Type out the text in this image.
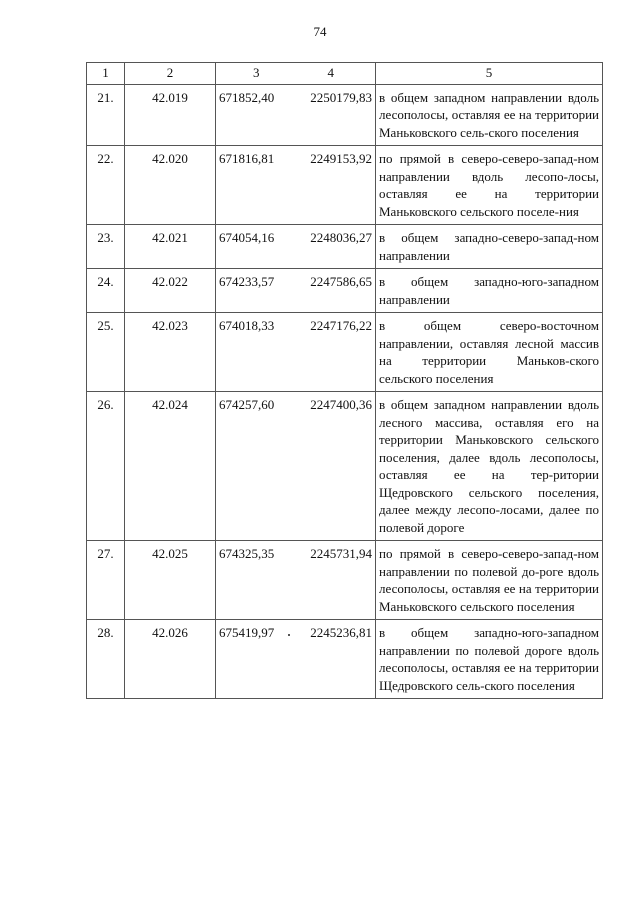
74
1	2	3 4	5
21.	42.019	671852,40 2250179,83	в общем западном направлении вдоль лесополосы, оставляя ее на территории Маньковского сель-ского поселения
22.	42.020	671816,81 2249153,92	по прямой в северо-северо-запад-ном направлении вдоль лесопо-лосы, оставляя ее на территории Маньковского сельского поселе-ния
23.	42.021	674054,16 2248036,27	в общем западно-северо-запад-ном направлении
24.	42.022	674233,57 2247586,65	в общем западно-юго-западном направлении
25.	42.023	674018,33 2247176,22	в общем северо-восточном направлении, оставляя лесной массив на территории Маньков-ского сельского поселения
26.	42.024	674257,60 2247400,36	в общем западном направлении вдоль лесного массива, оставляя его на территории Маньковского сельского поселения, далее вдоль лесополосы, оставляя ее на тер-ритории Щедровского сельского поселения, далее между лесопо-лосами, далее по полевой дороге
27.	42.025	674325,35 2245731,94	по прямой в северо-северо-запад-ном направлении по полевой до-роге вдоль лесополосы, оставляя ее на территории Маньковского сельского поселения
28.	42.026	675419,97 2245236,81	в общем западно-юго-западном направлении по полевой дороге вдоль лесополосы, оставляя ее на территории Щедровского сель-ского поселения
